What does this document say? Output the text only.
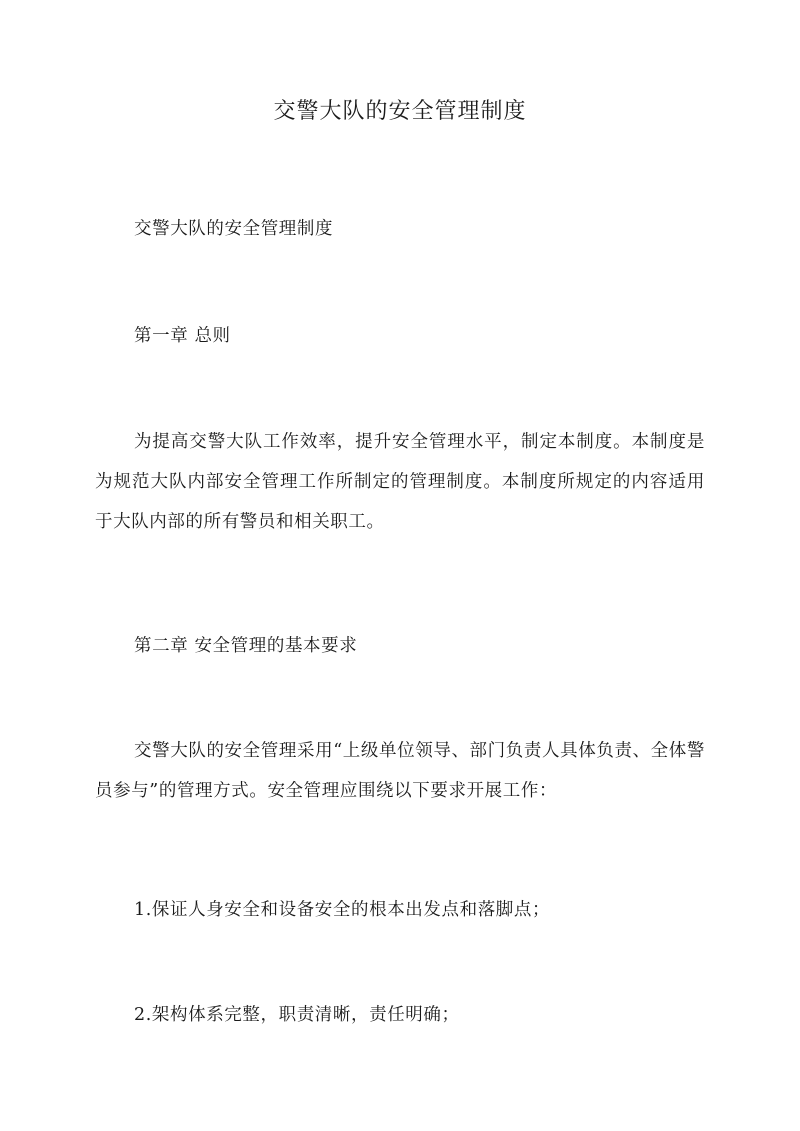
交警大队的安全管理制度

交警大队的安全管理制度

第一章 总则

为提高交警大队工作效率，提升安全管理水平，制定本制度。本制度是为规范大队内部安全管理工作所制定的管理制度。本制度所规定的内容适用于大队内部的所有警员和相关职工。

第二章 安全管理的基本要求

交警大队的安全管理采用“上级单位领导、部门负责人具体负责、全体警员参与”的管理方式。安全管理应围绕以下要求开展工作：

1.保证人身安全和设备安全的根本出发点和落脚点；

2.架构体系完整，职责清晰，责任明确；
